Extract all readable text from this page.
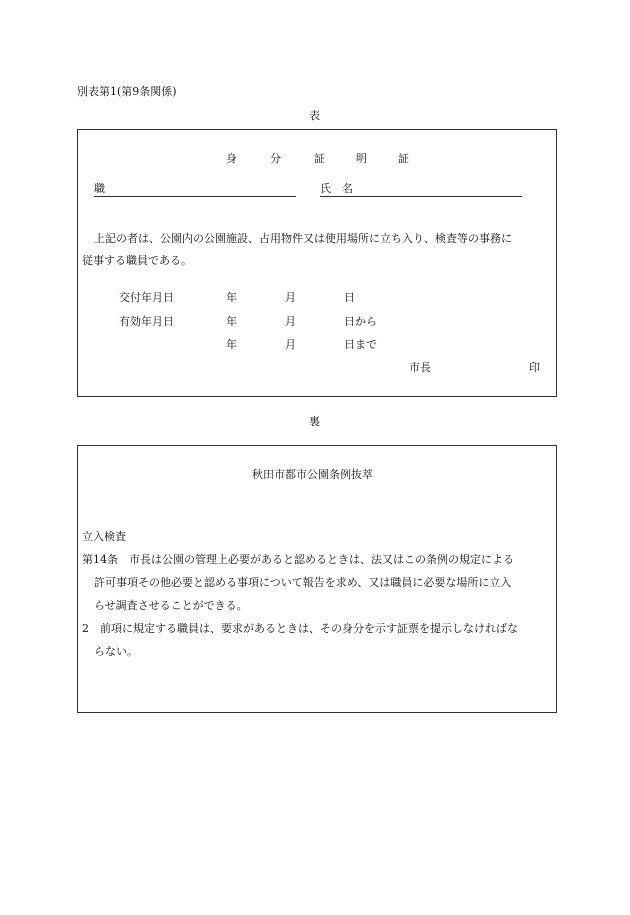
別表第1(第9条関係)
表
身	分	証	明	証
職	氏　名
上記の者は、公園内の公園施設、占用物件又は使用場所に立ち入り、検査等の事務に
従事する職員である。
交付年月日	年	月	日
有効年月日	年	月	日から
年	月	日まで
市長	印
裏
秋田市都市公園条例抜萃
立入検査
第14条　市長は公園の管理上必要があると認めるときは、法又はこの条例の規定による
許可事項その他必要と認める事項について報告を求め、又は職員に必要な場所に立入
らせ調査させることができる。
2　前項に規定する職員は、要求があるときは、その身分を示す証票を提示しなければな
らない。
